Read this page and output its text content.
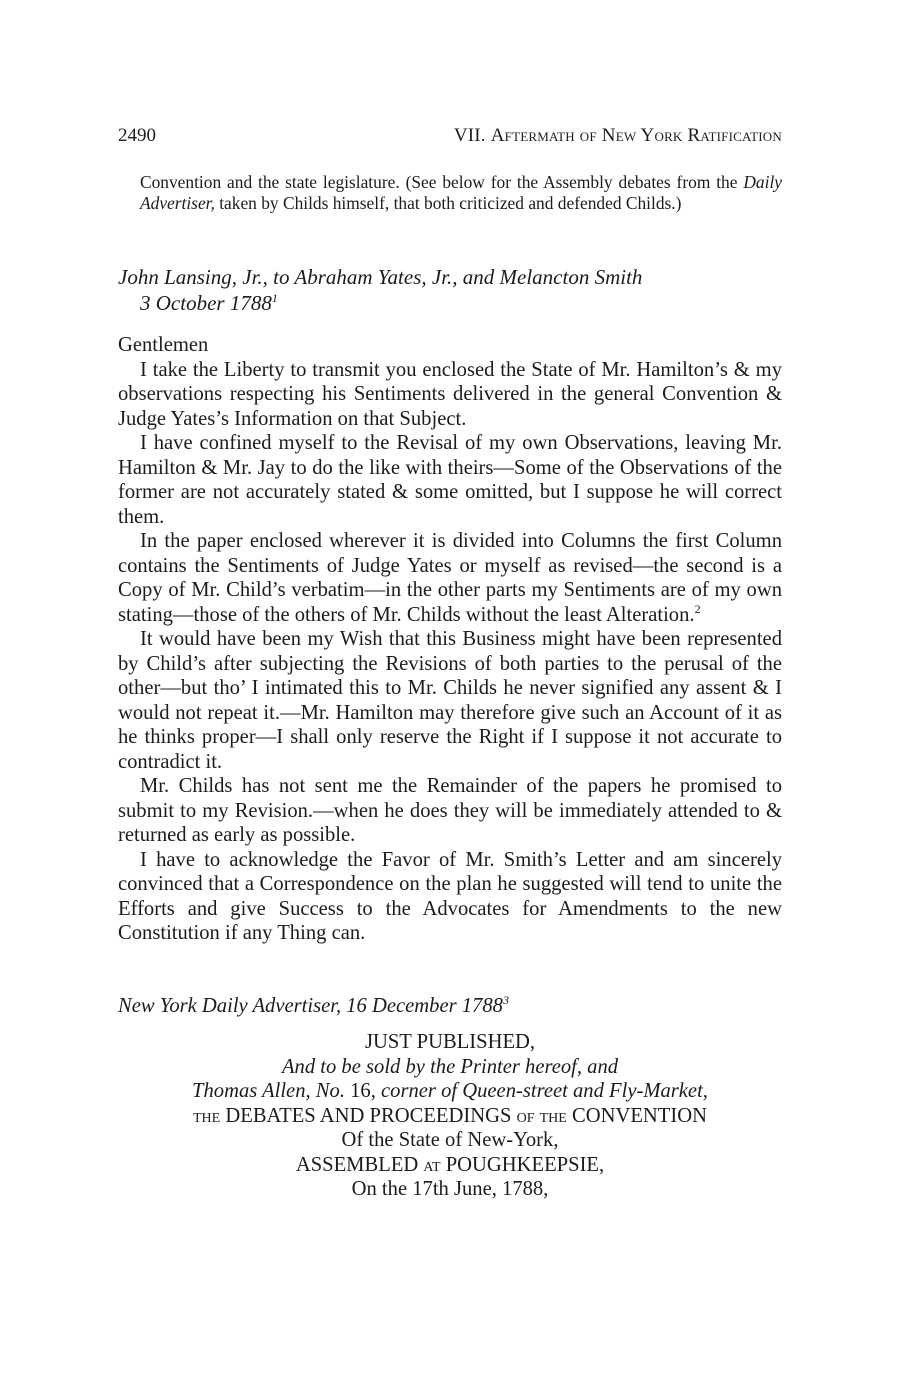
2490	VII. Aftermath of New York Ratification

Convention and the state legislature. (See below for the Assembly debates from the Daily Advertiser, taken by Childs himself, that both criticized and defended Childs.)

John Lansing, Jr., to Abraham Yates, Jr., and Melancton Smith
3 October 1788$^1$

Gentlemen

I take the Liberty to transmit you enclosed the State of Mr. Hamilton’s & my observations respecting his Sentiments delivered in the general Convention & Judge Yates’s Information on that Subject.

I have confined myself to the Revisal of my own Observations, leaving Mr. Hamilton & Mr. Jay to do the like with theirs—Some of the Observations of the former are not accurately stated & some omitted, but I suppose he will correct them.

In the paper enclosed wherever it is divided into Columns the first Column contains the Sentiments of Judge Yates or myself as revised—the second is a Copy of Mr. Child’s verbatim—in the other parts my Sentiments are of my own stating—those of the others of Mr. Childs without the least Alteration.$^2$

It would have been my Wish that this Business might have been represented by Child’s after subjecting the Revisions of both parties to the perusal of the other—but tho’ I intimated this to Mr. Childs he never signified any assent & I would not repeat it.—Mr. Hamilton may therefore give such an Account of it as he thinks proper—I shall only reserve the Right if I suppose it not accurate to contradict it.

Mr. Childs has not sent me the Remainder of the papers he promised to submit to my Revision.—when he does they will be immediately attended to & returned as early as possible.

I have to acknowledge the Favor of Mr. Smith’s Letter and am sincerely convinced that a Correspondence on the plan he suggested will tend to unite the Efforts and give Success to the Advocates for Amendments to the new Constitution if any Thing can.

New York Daily Advertiser, 16 December 1788$^3$
JUST PUBLISHED,
And to be sold by the Printer hereof, and
Thomas Allen, No. 16, corner of Queen-street and Fly-Market,
the DEBATES AND PROCEEDINGS of the CONVENTION
Of the State of New-York,
ASSEMBLED at POUGHKEEPSIE,
On the 17th June, 1788,
